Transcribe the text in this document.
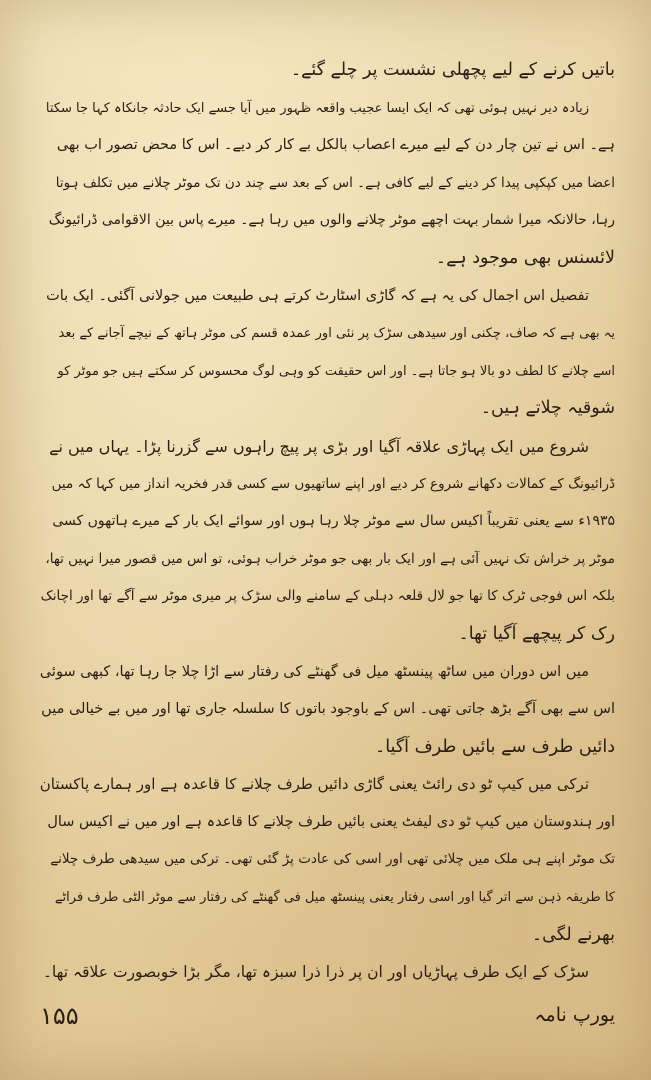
باتیں کرنے کے لیے پچھلی نشست پر چلے گئے۔
زیادہ دیر نہیں ہوئی تھی کہ ایک ایسا عجیب واقعہ ظہور میں آیا جسے ایک حادثہ جانکاہ کہا جا سکتا
ہے۔ اس نے تین چار دن کے لیے میرے اعصاب بالکل بے کار کر دیے۔ اس کا محض تصور اب بھی
اعضا میں کپکپی پیدا کر دینے کے لیے کافی ہے۔ اس کے بعد سے چند دن تک موٹر چلانے میں تکلف ہوتا
رہا، حالانکہ میرا شمار بہت اچھے موٹر چلانے والوں میں رہا ہے۔ میرے پاس بین الاقوامی ڈرائیونگ
لائسنس بھی موجود ہے۔
تفصیل اس اجمال کی یہ ہے کہ گاڑی اسٹارٹ کرتے ہی طبیعت میں جولانی آگئی۔ ایک بات
یہ بھی ہے کہ صاف، چکنی اور سیدھی سڑک پر نئی اور عمدہ قسم کی موٹر ہاتھ کے نیچے آجانے کے بعد
اسے چلانے کا لطف دو بالا ہو جاتا ہے۔ اور اس حقیقت کو وہی لوگ محسوس کر سکتے ہیں جو موٹر کو
شوقیہ چلاتے ہیں۔
شروع میں ایک پہاڑی علاقہ آگیا اور بڑی پر پیچ راہوں سے گزرنا پڑا۔ یہاں میں نے
ڈرائیونگ کے کمالات دکھانے شروع کر دیے اور اپنے ساتھیوں سے کسی قدر فخریہ انداز میں کہا کہ میں
۱۹۳۵ء سے یعنی تقریباً اکیس سال سے موٹر چلا رہا ہوں اور سوائے ایک بار کے میرے ہاتھوں کسی
موٹر پر خراش تک نہیں آئی ہے اور ایک بار بھی جو موٹر خراب ہوئی، تو اس میں قصور میرا نہیں تھا،
بلکہ اس فوجی ٹرک کا تھا جو لال قلعہ دہلی کے سامنے والی سڑک پر میری موٹر سے آگے تھا اور اچانک
رک کر پیچھے آگیا تھا۔
میں اس دوران میں ساٹھ پینسٹھ میل فی گھنٹے کی رفتار سے اڑا چلا جا رہا تھا، کبھی سوئی
اس سے بھی آگے بڑھ جاتی تھی۔ اس کے باوجود باتوں کا سلسلہ جاری تھا اور میں بے خیالی میں
دائیں طرف سے بائیں طرف آگیا۔
ترکی میں کیپ ٹو دی رائٹ یعنی گاڑی دائیں طرف چلانے کا قاعدہ ہے اور ہمارے پاکستان
اور ہندوستان میں کیپ ٹو دی لیفٹ یعنی بائیں طرف چلانے کا قاعدہ ہے اور میں نے اکیس سال
تک موٹر اپنے ہی ملک میں چلائی تھی اور اسی کی عادت پڑ گئی تھی۔ ترکی میں سیدھی طرف چلانے
کا طریقہ ذہن سے اتر گیا اور اسی رفتار یعنی پینسٹھ میل فی گھنٹے کی رفتار سے موٹر الٹی طرف فراٹے
بھرنے لگی۔
سڑک کے ایک طرف پہاڑیاں اور ان پر ذرا ذرا سبزہ تھا، مگر بڑا خوبصورت علاقہ تھا۔
۱۵۵	یورپ نامہ
